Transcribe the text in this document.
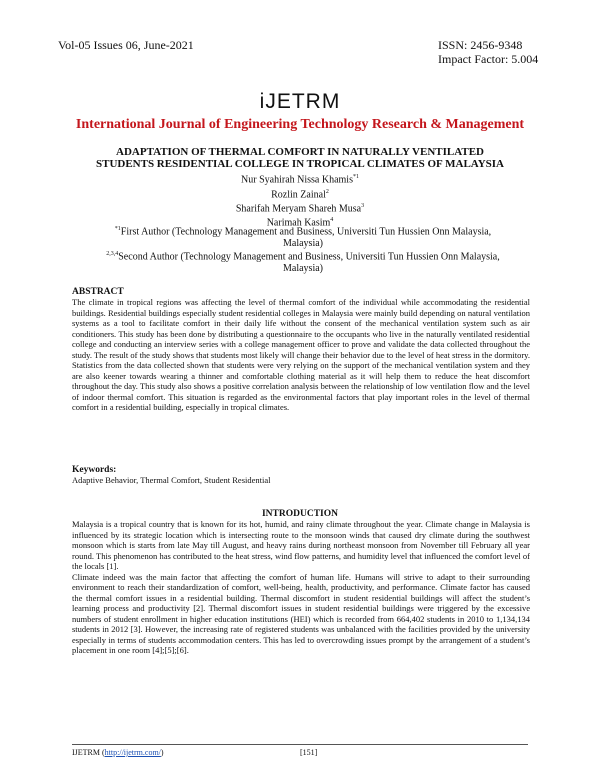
Vol-05 Issues 06, June-2021	ISSN: 2456-9348
Impact Factor: 5.004
iJETRM
International Journal of Engineering Technology Research & Management
ADAPTATION OF THERMAL COMFORT IN NATURALLY VENTILATED
STUDENTS RESIDENTIAL COLLEGE IN TROPICAL CLIMATES OF MALAYSIA
Nur Syahirah Nissa Khamis$^{*1}$
Rozlin Zainal$^2$
Sharifah Meryam Shareh Musa$^3$
Narimah Kasim$^4$
$^{*1}$First Author (Technology Management and Business, Universiti Tun Hussien Onn Malaysia,
Malaysia)
$^{2,3,4}$Second Author (Technology Management and Business, Universiti Tun Hussien Onn Malaysia,
Malaysia)
ABSTRACT
The climate in tropical regions was affecting the level of thermal comfort of the individual while accommodating the residential buildings. Residential buildings especially student residential colleges in Malaysia were mainly build depending on natural ventilation systems as a tool to facilitate comfort in their daily life without the consent of the mechanical ventilation system such as air conditioners. This study has been done by distributing a questionnaire to the occupants who live in the naturally ventilated residential college and conducting an interview series with a college management officer to prove and validate the data collected throughout the study. The result of the study shows that students most likely will change their behavior due to the level of heat stress in the dormitory. Statistics from the data collected shown that students were very relying on the support of the mechanical ventilation system and they are also keener towards wearing a thinner and comfortable clothing material as it will help them to reduce the heat discomfort throughout the day. This study also shows a positive correlation analysis between the relationship of low ventilation flow and the level of indoor thermal comfort. This situation is regarded as the environmental factors that play important roles in the level of thermal comfort in a residential building, especially in tropical climates.
Keywords:
Adaptive Behavior, Thermal Comfort, Student Residential
INTRODUCTION

Malaysia is a tropical country that is known for its hot, humid, and rainy climate throughout the year. Climate change in Malaysia is influenced by its strategic location which is intersecting route to the monsoon winds that caused dry climate during the southwest monsoon which is starts from late May till August, and heavy rains during northeast monsoon from November till February all year round. This phenomenon has contributed to the heat stress, wind flow patterns, and humidity level that influenced the comfort level of the locals [1].

Climate indeed was the main factor that affecting the comfort of human life. Humans will strive to adapt to their surrounding environment to reach their standardization of comfort, well-being, health, productivity, and performance. Climate factor has caused the thermal comfort issues in a residential building. Thermal discomfort in student residential buildings will affect the student’s learning process and productivity [2]. Thermal discomfort issues in student residential buildings were triggered by the excessive numbers of student enrollment in higher education institutions (HEI) which is recorded from 664,402 students in 2010 to 1,134,134 students in 2012 [3]. However, the increasing rate of registered students was unbalanced with the facilities provided by the university especially in terms of students accommodation centers. This has led to overcrowding issues prompt by the arrangement of a student’s placement in one room [4];[5];[6].

IJETRM (http://ijetrm.com/)	[151]
